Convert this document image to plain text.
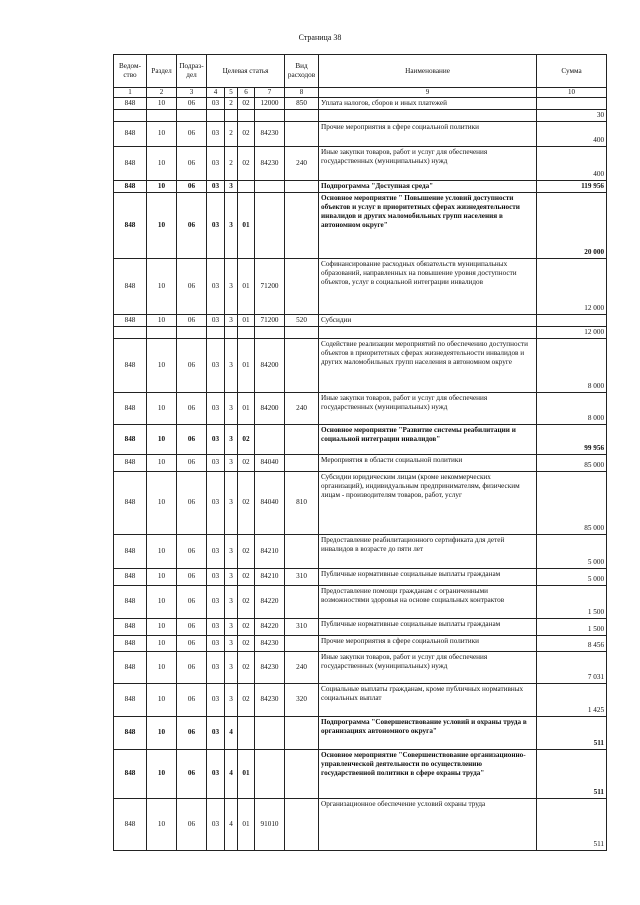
Страница 38
Ведом-ство	Раздел	Подраз-дел	Целевая статья				Вид расходов	Наименование	Сумма
1	2	3	4	5	6	7	8	9	10
848	10	06	03	2	02	12000	850	Уплата налогов, сборов и иных платежей	
									30
848	10	06	03	2	02	84230		Прочие мероприятия в сфере социальной политики	400
848	10	06	03	2	02	84230	240	Иные закупки товаров, работ и услуг для обеспечения государственных (муниципальных) нужд	400
848	10	06	03	3				Подпрограмма "Доступная среда"	119 956
848	10	06	03	3	01			Основное мероприятие " Повышение условий доступности объектов и услуг в приоритетных сферах жизнедеятельности инвалидов и других маломобильных групп населения в автономном округе"	20 000
848	10	06	03	3	01	71200		Софинансирование расходных обязательств муниципальных образований, направленных на повышение уровня доступности объектов, услуг в социальной интеграции инвалидов	12 000
848	10	06	03	3	01	71200	520	Субсидии	
									12 000
848	10	06	03	3	01	84200		Содействие реализации мероприятий по обеспечению доступности объектов в приоритетных сферах жизнедеятельности инвалидов и других маломобильных групп населения в автономном округе	8 000
848	10	06	03	3	01	84200	240	Иные закупки товаров, работ и услуг для обеспечения государственных (муниципальных) нужд	8 000
848	10	06	03	3	02			Основное мероприятие "Развитие системы реабилитации и социальной интеграции инвалидов"	99 956
848	10	06	03	3	02	84040		Мероприятия в области социальной политики	85 000
848	10	06	03	3	02	84040	810	Субсидии юридическим лицам (кроме некоммерческих организаций), индивидуальным предпринимателям, физическим лицам - производителям товаров, работ, услуг	85 000
848	10	06	03	3	02	84210		Предоставление реабилитационного сертификата для детей инвалидов в возрасте до пяти лет	5 000
848	10	06	03	3	02	84210	310	Публичные нормативные социальные выплаты гражданам	5 000
848	10	06	03	3	02	84220		Предоставление помощи гражданам с ограниченными возможностями здоровья на основе социальных контрактов	1 500
848	10	06	03	3	02	84220	310	Публичные нормативные социальные выплаты гражданам	1 500
848	10	06	03	3	02	84230		Прочие мероприятия в сфере социальной политики	8 456
848	10	06	03	3	02	84230	240	Иные закупки товаров, работ и услуг для обеспечения государственных (муниципальных) нужд	7 031
848	10	06	03	3	02	84230	320	Социальные выплаты гражданам, кроме публичных нормативных социальных выплат	1 425
848	10	06	03	4				Подпрограмма "Совершенствование условий и охраны труда в организациях автономного округа"	511
848	10	06	03	4	01			Основное мероприятие "Совершенствование организационно-управленческой деятельности по осуществлению государственной политики в сфере охраны труда"	511
848	10	06	03	4	01	91010		Организационное обеспечение условий охраны труда	511
